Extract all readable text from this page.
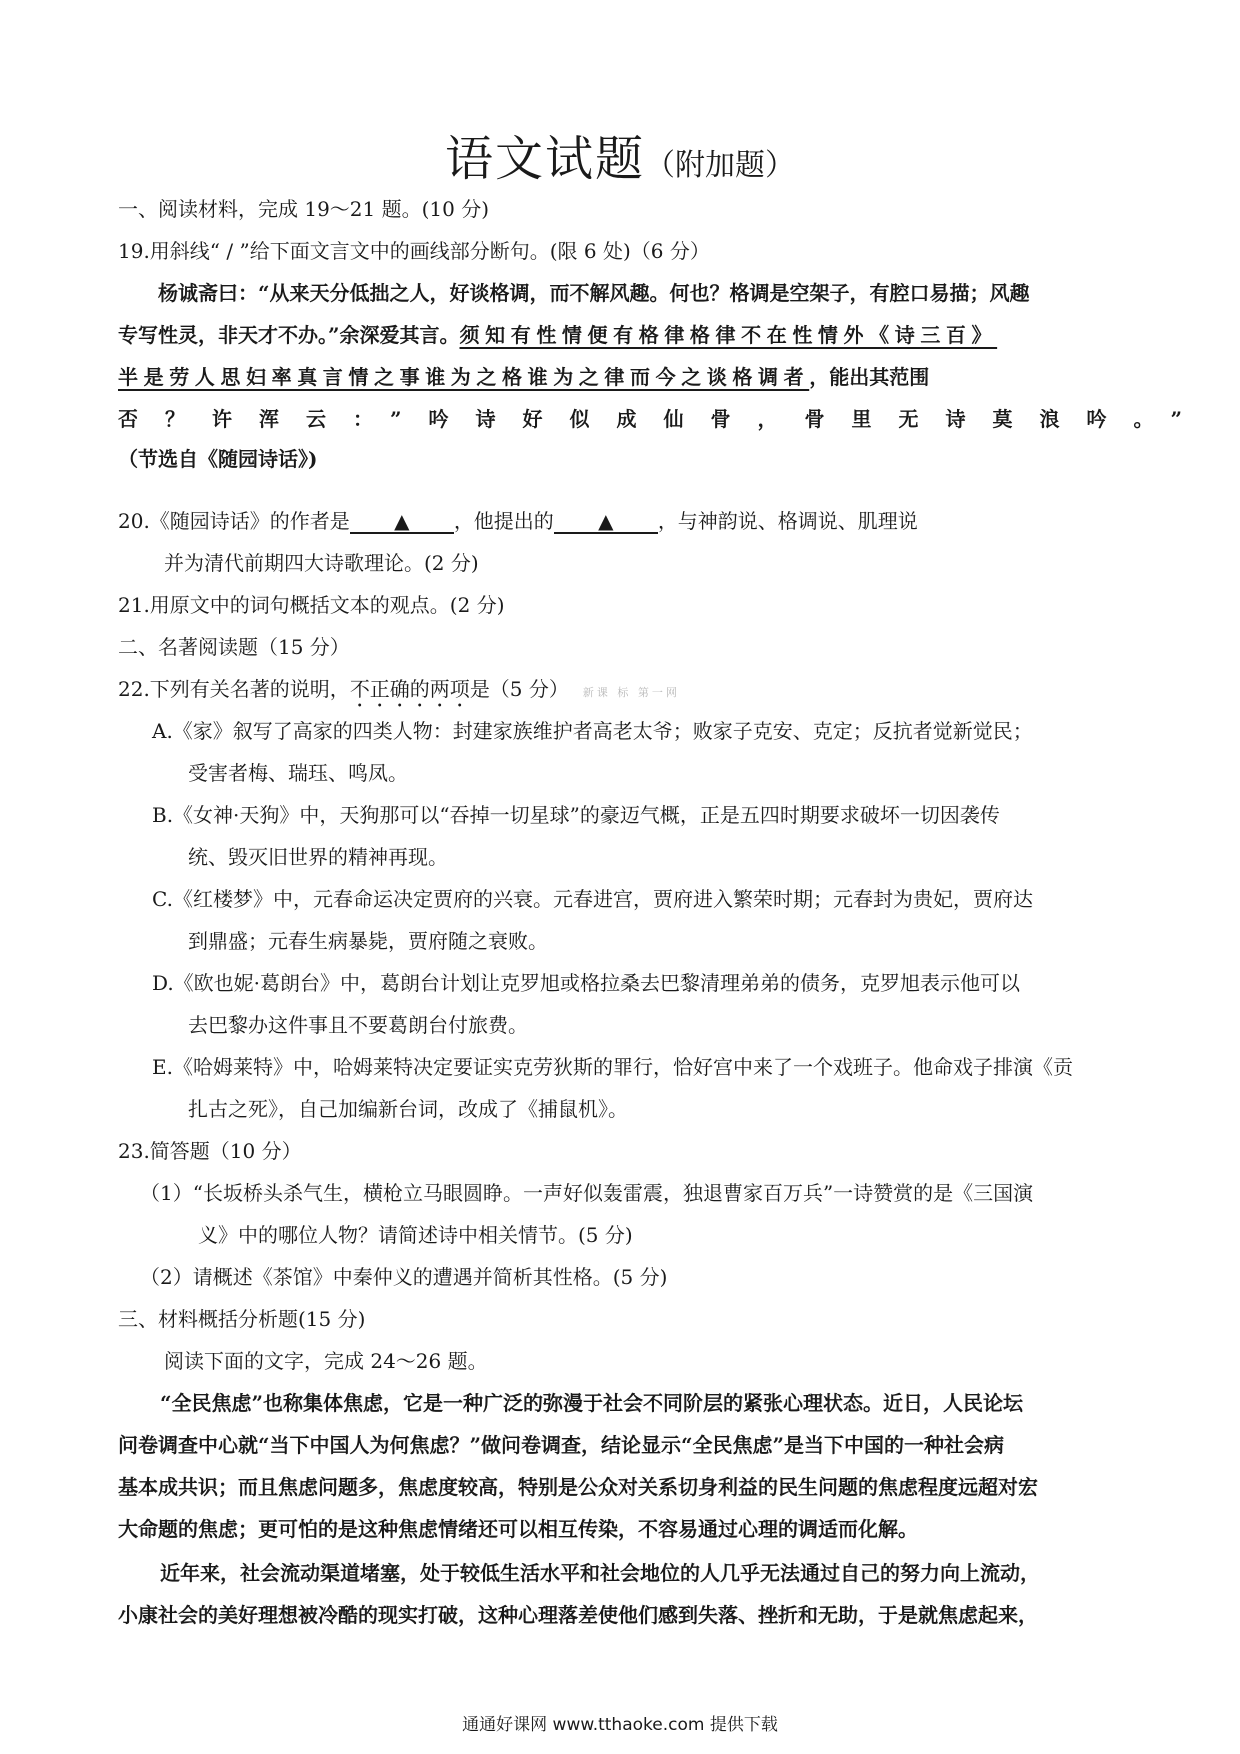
语文试题（附加题）
一、阅读材料，完成 19～21 题。(10 分)
19.用斜线“ / ”给下面文言文中的画线部分断句。(限 6 处)（6 分）
杨诚斋曰：“从来天分低拙之人，好谈格调，而不解风趣。何也？格调是空架子，有腔口易描；风趣
专写性灵，非天才不办。”余深爱其言。须知有性情便有格律格律不在性情外《诗三百》
半是劳人思妇率真言情之事谁为之格谁为之律而今之谈格调者，能出其范围
否？许浑云：”吟诗好似成仙骨，骨里无诗莫浪吟。”
（节选自《随园诗话》)
20.《随园诗话》的作者是 ▲ ，他提出的 ▲ ，与神韵说、格调说、肌理说
并为清代前期四大诗歌理论。(2 分)
21.用原文中的词句概括文本的观点。(2 分)
二、名著阅读题（15 分）
22.下列有关名著的说明，不正确的两项是（5 分） 新课 标 第一网
A.《家》叙写了高家的四类人物：封建家族维护者高老太爷；败家子克安、克定；反抗者觉新觉民；
受害者梅、瑞珏、鸣凤。
B.《女神·天狗》中，天狗那可以“吞掉一切星球”的豪迈气概，正是五四时期要求破坏一切因袭传
统、毁灭旧世界的精神再现。
C.《红楼梦》中，元春命运决定贾府的兴衰。元春进宫，贾府进入繁荣时期；元春封为贵妃，贾府达
到鼎盛；元春生病暴毙，贾府随之衰败。
D.《欧也妮·葛朗台》中，葛朗台计划让克罗旭或格拉桑去巴黎清理弟弟的债务，克罗旭表示他可以
去巴黎办这件事且不要葛朗台付旅费。
E.《哈姆莱特》中，哈姆莱特决定要证实克劳狄斯的罪行，恰好宫中来了一个戏班子。他命戏子排演《贡
扎古之死》，自己加编新台词，改成了《捕鼠机》。
23.简答题（10 分）
（1）“长坂桥头杀气生，横枪立马眼圆睁。一声好似轰雷震，独退曹家百万兵”一诗赞赏的是《三国演
义》中的哪位人物？请简述诗中相关情节。(5 分)
（2）请概述《茶馆》中秦仲义的遭遇并简析其性格。(5 分)
三、材料概括分析题(15 分)
阅读下面的文字，完成 24～26 题。
“全民焦虑”也称集体焦虑，它是一种广泛的弥漫于社会不同阶层的紧张心理状态。近日，人民论坛
问卷调查中心就“当下中国人为何焦虑？”做问卷调查，结论显示“全民焦虑”是当下中国的一种社会病
基本成共识；而且焦虑问题多，焦虑度较高，特别是公众对关系切身利益的民生问题的焦虑程度远超对宏
大命题的焦虑；更可怕的是这种焦虑情绪还可以相互传染，不容易通过心理的调适而化解。
近年来，社会流动渠道堵塞，处于较低生活水平和社会地位的人几乎无法通过自己的努力向上流动，
小康社会的美好理想被冷酷的现实打破，这种心理落差使他们感到失落、挫折和无助，于是就焦虑起来，
通通好课网 www.tthaoke.com 提供下载
